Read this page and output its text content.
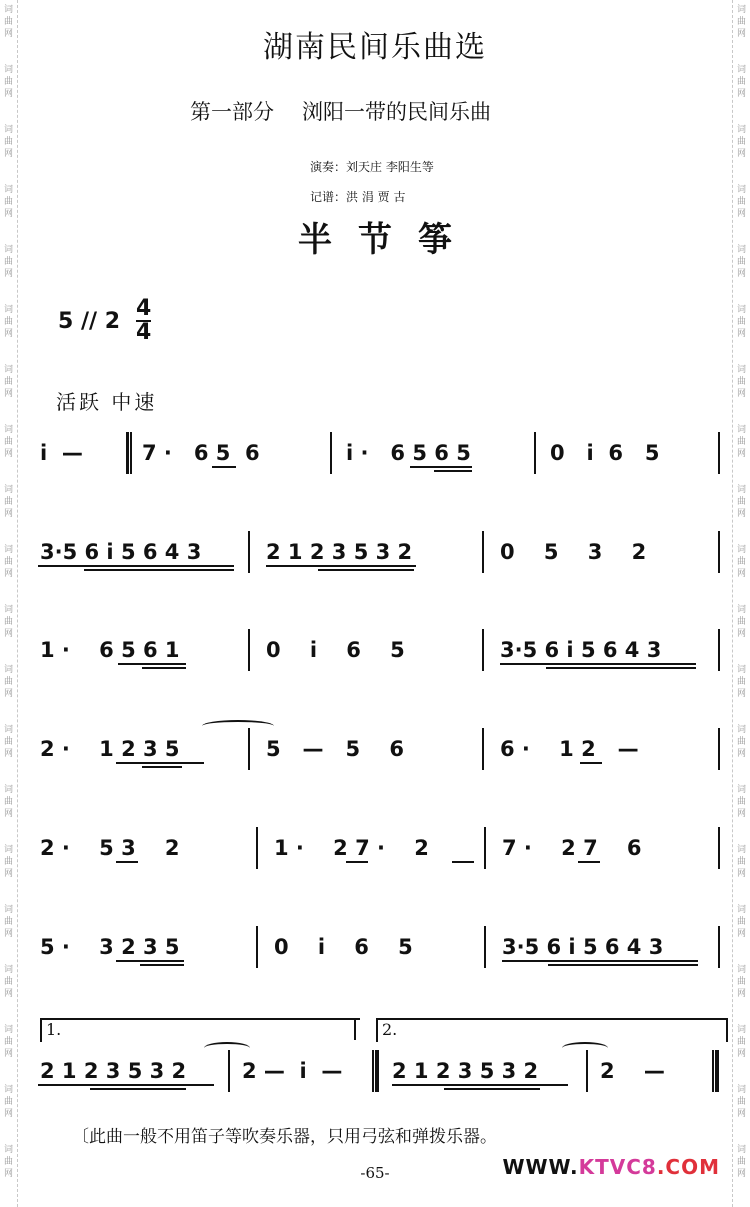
词
曲
网
词
曲
网
词
曲
网
词
曲
网
词
曲
网
词
曲
网
词
曲
网
词
曲
网
词
曲
网
词
曲
网
词
曲
网
词
曲
网
词
曲
网
词
曲
网
词
曲
网
词
曲
网
词
曲
网
词
曲
网
词
曲
网
词
曲
网
词
曲
网
词
曲
网
词
曲
网
词
曲
网
词
曲
网
词
曲
网
词
曲
网
词
曲
网
词
曲
网
词
曲
网
词
曲
网
词
曲
网
词
曲
网
词
曲
网
词
曲
网
词
曲
网
词
曲
网
词
曲
网
词
曲
网
词
曲
网
湖南民间乐曲选
第一部分 浏阳一带的民间乐曲
演奏：刘天庄 李阳生等
记谱：洪 涓 贾 古
半节筝
$5 // 2 \frac{4}{4}$
活跃 中速
i  —	7 ·   6 5  6	i ·   6 5 6 5	0   i  6   5
3·5 6 i 5 6 4 3	2 1 2 3 5 3 2	0    5    3    2
1 ·    6 5 6 1	0    i    6    5	3·5 6 i 5 6 4 3
2 ·    1 2 3 5	5   —   5    6	6 ·    1 2   —
2 ·    5 3    2	1 ·    2 7 ·    2	7 ·    2 7    6
5 ·    3 2 3 5	0    i    6    5	3·5 6 i 5 6 4 3
1.	2.
2 1 2 3 5 3 2	2 —  i  — 2 1 2 3 5 3 2	2    —
〔此曲一般不用笛子等吹奏乐器，只用弓弦和弹拨乐器。
-65-	WWW.KTVC8.COM
